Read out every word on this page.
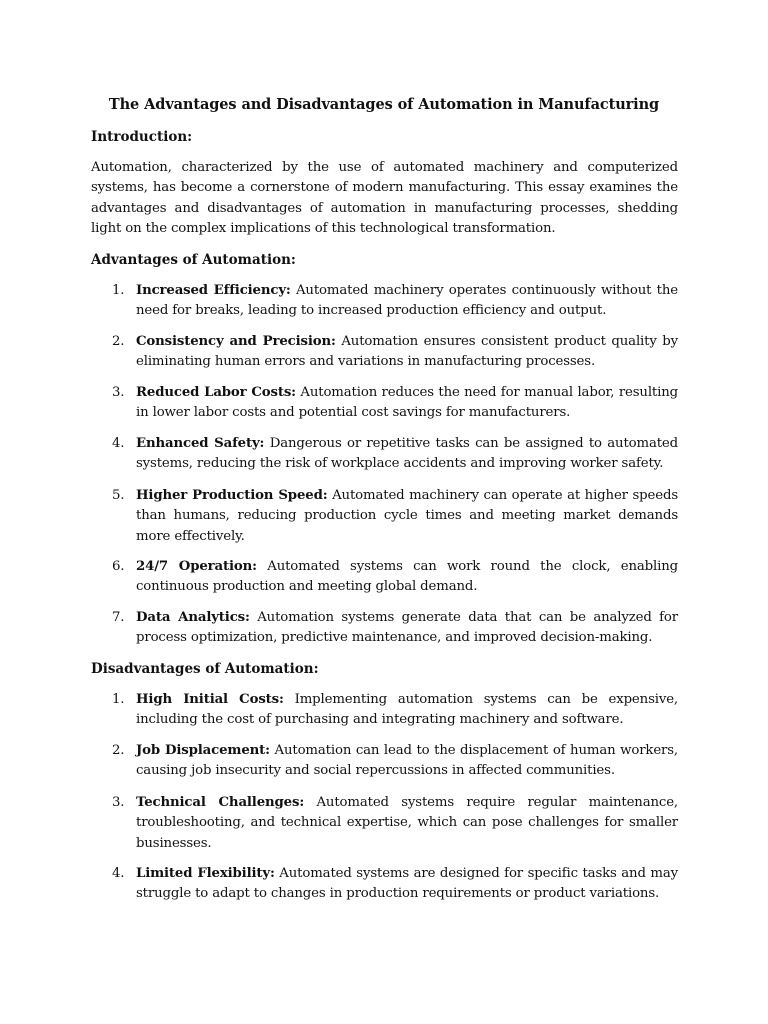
The Advantages and Disadvantages of Automation in Manufacturing
Introduction:

Automation, characterized by the use of automated machinery and computerized systems, has become a cornerstone of modern manufacturing. This essay examines the advantages and disadvantages of automation in manufacturing processes, shedding light on the complex implications of this technological transformation.

Advantages of Automation:
1. Increased Efficiency: Automated machinery operates continuously without the need for breaks, leading to increased production efficiency and output.
2. Consistency and Precision: Automation ensures consistent product quality by eliminating human errors and variations in manufacturing processes.
3. Reduced Labor Costs: Automation reduces the need for manual labor, resulting in lower labor costs and potential cost savings for manufacturers.
4. Enhanced Safety: Dangerous or repetitive tasks can be assigned to automated systems, reducing the risk of workplace accidents and improving worker safety.
5. Higher Production Speed: Automated machinery can operate at higher speeds than humans, reducing production cycle times and meeting market demands more effectively.
6. 24/7 Operation: Automated systems can work round the clock, enabling continuous production and meeting global demand.
7. Data Analytics: Automation systems generate data that can be analyzed for process optimization, predictive maintenance, and improved decision-making.
Disadvantages of Automation:
1. High Initial Costs: Implementing automation systems can be expensive, including the cost of purchasing and integrating machinery and software.
2. Job Displacement: Automation can lead to the displacement of human workers, causing job insecurity and social repercussions in affected communities.
3. Technical Challenges: Automated systems require regular maintenance, troubleshooting, and technical expertise, which can pose challenges for smaller businesses.
4. Limited Flexibility: Automated systems are designed for specific tasks and may struggle to adapt to changes in production requirements or product variations.
